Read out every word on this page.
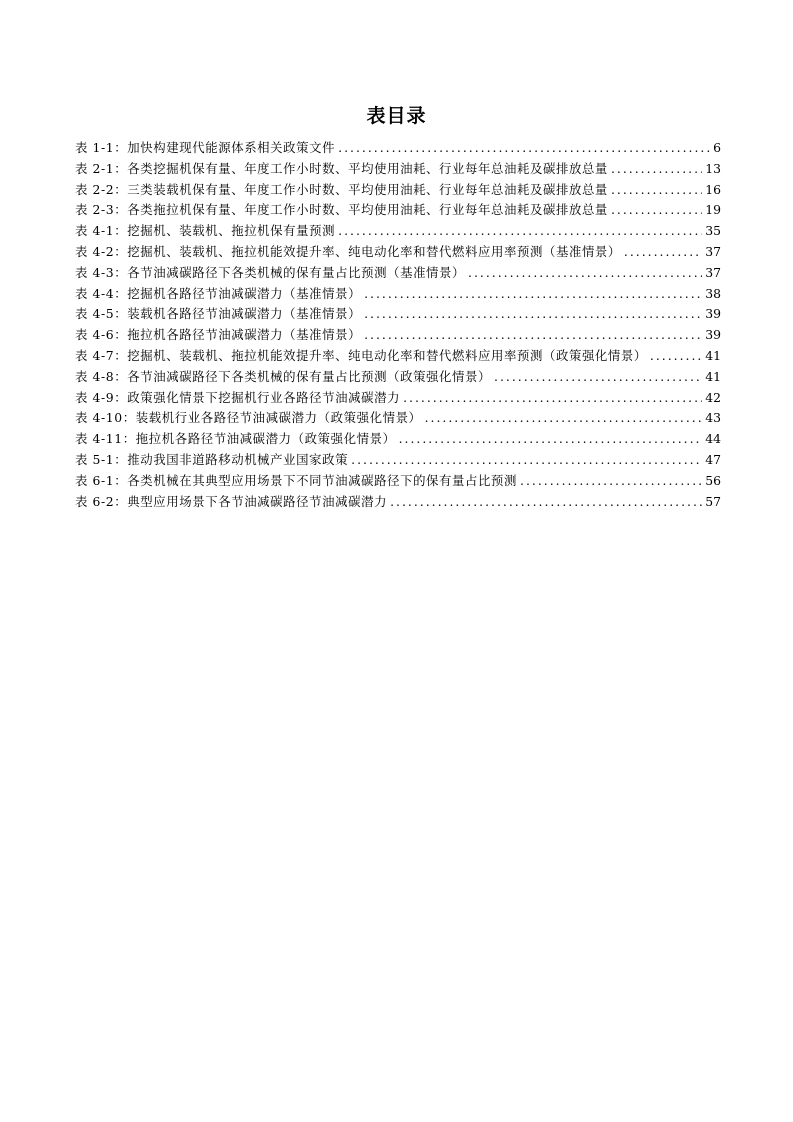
表目录
表 1-1：加快构建现代能源体系相关政策文件 .....	6
表 2-1：各类挖掘机保有量、年度工作小时数、平均使用油耗、行业每年总油耗及碳排放总量 .....	13
表 2-2：三类装载机保有量、年度工作小时数、平均使用油耗、行业每年总油耗及碳排放总量 .....	16
表 2-3：各类拖拉机保有量、年度工作小时数、平均使用油耗、行业每年总油耗及碳排放总量 .....	19
表 4-1：挖掘机、装载机、拖拉机保有量预测 .....	35
表 4-2：挖掘机、装载机、拖拉机能效提升率、纯电动化率和替代燃料应用率预测（基准情景） .....	37
表 4-3：各节油减碳路径下各类机械的保有量占比预测（基准情景） .....	37
表 4-4：挖掘机各路径节油减碳潜力（基准情景） .....	38
表 4-5：装载机各路径节油减碳潜力（基准情景） .....	39
表 4-6：拖拉机各路径节油减碳潜力（基准情景） .....	39
表 4-7：挖掘机、装载机、拖拉机能效提升率、纯电动化率和替代燃料应用率预测（政策强化情景） .....	41
表 4-8：各节油减碳路径下各类机械的保有量占比预测（政策强化情景） .....	41
表 4-9：政策强化情景下挖掘机行业各路径节油减碳潜力 .....	42
表 4-10：装载机行业各路径节油减碳潜力（政策强化情景） .....	43
表 4-11：拖拉机各路径节油减碳潜力（政策强化情景） .....	44
表 5-1：推动我国非道路移动机械产业国家政策 .....	47
表 6-1：各类机械在其典型应用场景下不同节油减碳路径下的保有量占比预测 .....	56
表 6-2：典型应用场景下各节油减碳路径节油减碳潜力 .....	57
